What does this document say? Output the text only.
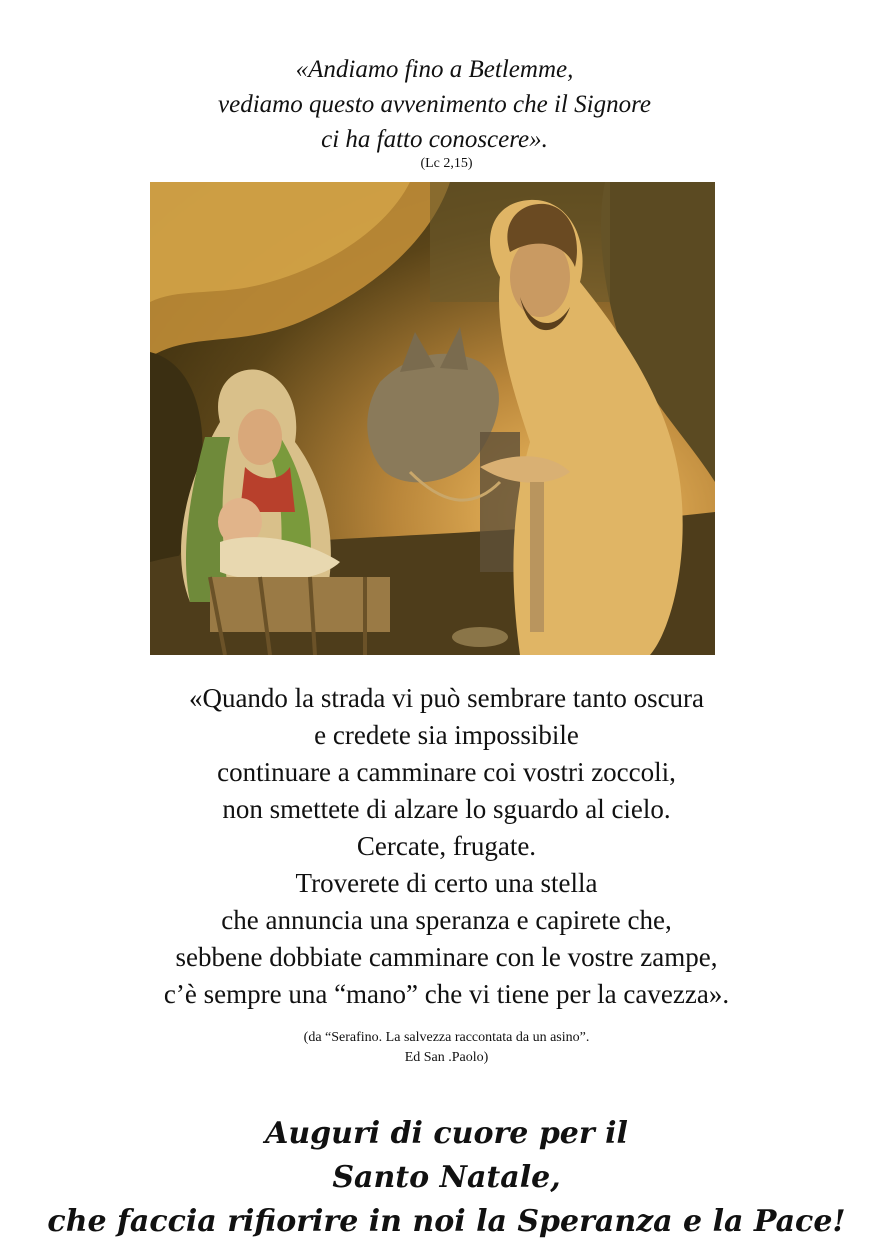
«Andiamo fino a Betlemme,
vediamo questo avvenimento che il Signore
ci ha fatto conoscere».
(Lc 2,15)
«Quando la strada vi può sembrare tanto oscura
e credete sia impossibile
continuare a camminare coi vostri zoccoli,
non smettete di alzare lo sguardo al cielo.
Cercate, frugate.
Troverete di certo una stella
che annuncia una speranza e capirete che,
sebbene dobbiate camminare con le vostre zampe,
c’è sempre una “mano” che vi tiene per la cavezza».
(da “Serafino. La salvezza raccontata da un asino”.
Ed San .Paolo)
Auguri di cuore per il
Santo Natale,
che faccia rifiorire in noi la Speranza e la Pace!
